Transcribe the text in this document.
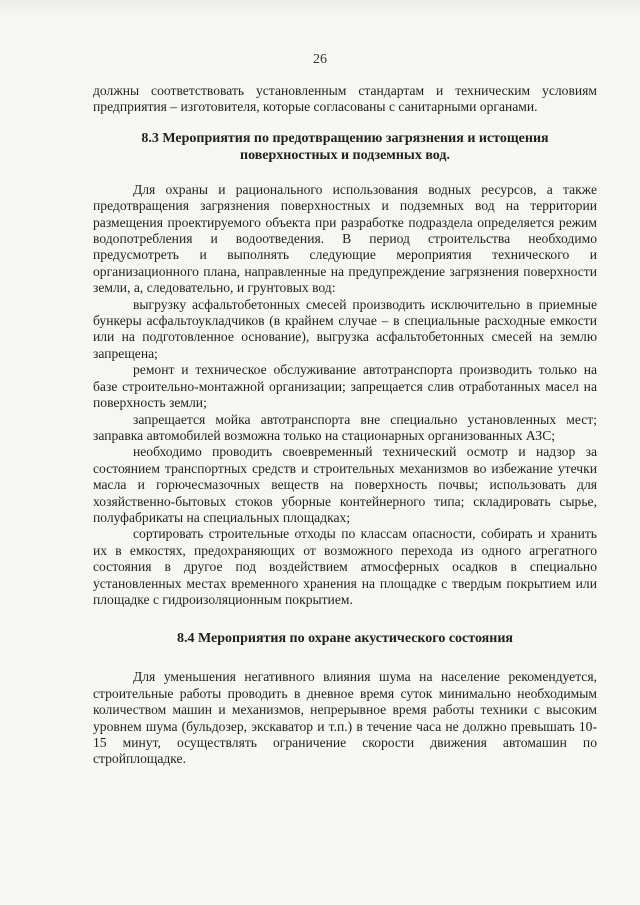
26

должны соответствовать установленным стандартам и техническим условиям предприятия – изготовителя, которые согласованы с санитарными органами.

8.3 Мероприятия по предотвращению загрязнения и истощения поверхностных и подземных вод.

Для охраны и рационального использования водных ресурсов, а также предотвращения загрязнения поверхностных и подземных вод на территории размещения проектируемого объекта при разработке подраздела определяется режим водопотребления и водоотведения. В период строительства необходимо предусмотреть и выполнять следующие мероприятия технического и организационного плана, направленные на предупреждение загрязнения поверхности земли, а, следовательно, и грунтовых вод:

выгрузку асфальтобетонных смесей производить исключительно в приемные бункеры асфальтоукладчиков (в крайнем случае – в специальные расходные емкости или на подготовленное основание), выгрузка асфальтобетонных смесей на землю запрещена;

ремонт и техническое обслуживание автотранспорта производить только на базе строительно-монтажной организации; запрещается слив отработанных масел на поверхность земли;

запрещается мойка автотранспорта вне специально установленных мест; заправка автомобилей возможна только на стационарных организованных АЗС;

необходимо проводить своевременный технический осмотр и надзор за состоянием транспортных средств и строительных механизмов во избежание утечки масла и горючесмазочных веществ на поверхность почвы; использовать для хозяйственно-бытовых стоков уборные контейнерного типа; складировать сырье, полуфабрикаты на специальных площадках;

сортировать строительные отходы по классам опасности, собирать и хранить их в емкостях, предохраняющих от возможного перехода из одного агрегатного состояния в другое под воздействием атмосферных осадков в специально установленных местах временного хранения на площадке с твердым покрытием или площадке с гидроизоляционным покрытием.

8.4 Мероприятия по охране акустического состояния

Для уменьшения негативного влияния шума на население рекомендуется, строительные работы проводить в дневное время суток минимально необходимым количеством машин и механизмов, непрерывное время работы техники с высоким уровнем шума (бульдозер, экскаватор и т.п.) в течение часа не должно превышать 10-15 минут, осуществлять ограничение скорости движения автомашин по стройплощадке.
